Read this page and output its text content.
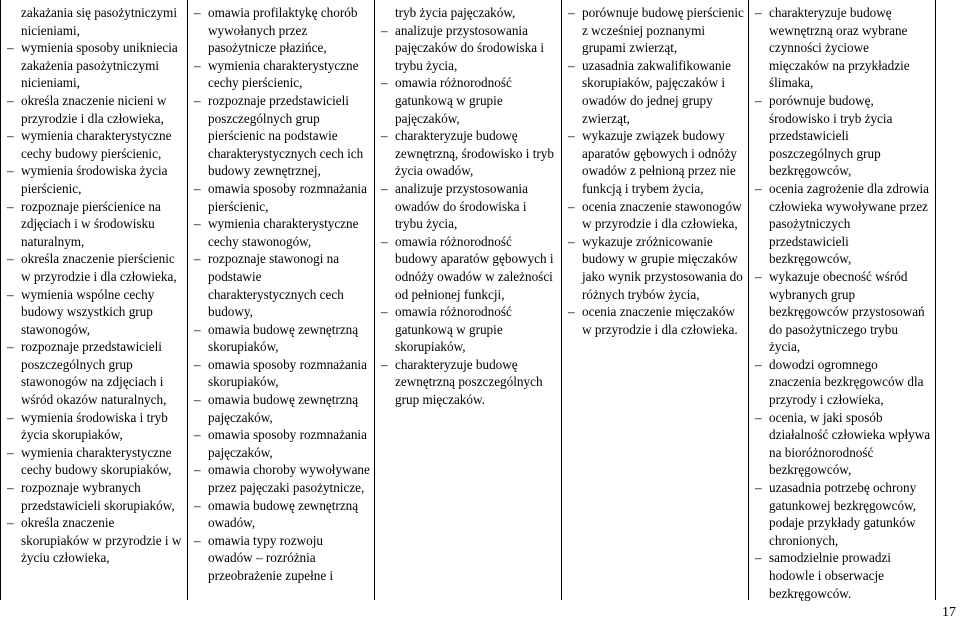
zakażania się pasożytniczymi nicieniami,
– wymienia sposoby unikniecia zakażenia pasożytniczymi nicieniami,
– określa znaczenie nicieni w przyrodzie i dla człowieka,
– wymienia charakterystyczne cechy budowy pierścienic,
– wymienia środowiska życia pierścienic,
– rozpoznaje pierścienice na zdjęciach i w środowisku naturalnym,
– określa znaczenie pierścienic w przyrodzie i dla człowieka,
– wymienia wspólne cechy budowy wszystkich grup stawonogów,
– rozpoznaje przedstawicieli poszczególnych grup stawonogów na zdjęciach i wśród okazów naturalnych,
– wymienia środowiska i tryb życia skorupiaków,
– wymienia charakterystyczne cechy budowy skorupiaków,
– rozpoznaje wybranych przedstawicieli skorupiaków,
– określa znaczenie skorupiaków w przyrodzie i w życiu człowieka,
– omawia profilaktykę chorób wywołanych przez pasożytnicze płazińce,
– wymienia charakterystyczne cechy pierścienic,
– rozpoznaje przedstawicieli poszczególnych grup pierścienic na podstawie charakterystycznych cech ich budowy zewnętrznej,
– omawia sposoby rozmnażania pierścienic,
– wymienia charakterystyczne cechy stawonogów,
– rozpoznaje stawonogi na podstawie charakterystycznych cech budowy,
– omawia budowę zewnętrzną skorupiaków,
– omawia sposoby rozmnażania skorupiaków,
– omawia budowę zewnętrzną pajęczaków,
– omawia sposoby rozmnażania pajęczaków,
– omawia choroby wywoływane przez pajęczaki pasożytnicze,
– omawia budowę zewnętrzną owadów,
– omawia typy rozwoju owadów – rozróżnia przeobrażenie zupełne i
tryb życia pajęczaków,
– analizuje przystosowania pajęczaków do środowiska i trybu życia,
– omawia różnorodność gatunkową w grupie pajęczaków,
– charakteryzuje budowę zewnętrzną, środowisko i tryb życia owadów,
– analizuje przystosowania owadów do środowiska i trybu życia,
– omawia różnorodność budowy aparatów gębowych i odnóży owadów w zależności od pełnionej funkcji,
– omawia różnorodność gatunkową w grupie skorupiaków,
– charakteryzuje budowę zewnętrzną poszczególnych grup mięczaków.
– porównuje budowę pierścienic z wcześniej poznanymi grupami zwierząt,
– uzasadnia zakwalifikowanie skorupiaków, pajęczaków i owadów do jednej grupy zwierząt,
– wykazuje związek budowy aparatów gębowych i odnóży owadów z pełnioną przez nie funkcją i trybem życia,
– ocenia znaczenie stawonogów w przyrodzie i dla człowieka,
– wykazuje zróżnicowanie budowy w grupie mięczaków jako wynik przystosowania do różnych trybów życia,
– ocenia znaczenie mięczaków w przyrodzie i dla człowieka.
– charakteryzuje budowę wewnętrzną oraz wybrane czynności życiowe mięczaków na przykładzie ślimaka,
– porównuje budowę, środowisko i tryb życia przedstawicieli poszczególnych grup bezkręgowców,
– ocenia zagrożenie dla zdrowia człowieka wywoływane przez pasożytniczych przedstawicieli bezkręgowców,
– wykazuje obecność wśród wybranych grup bezkręgowców przystosowań do pasożytniczego trybu życia,
– dowodzi ogromnego znaczenia bezkręgowców dla przyrody i człowieka,
– ocenia, w jaki sposób działalność człowieka wpływa na bioróżnorodność bezkręgowców,
– uzasadnia potrzebę ochrony gatunkowej bezkręgowców, podaje przykłady gatunków chronionych,
– samodzielnie prowadzi hodowle i obserwacje bezkręgowców.
17
